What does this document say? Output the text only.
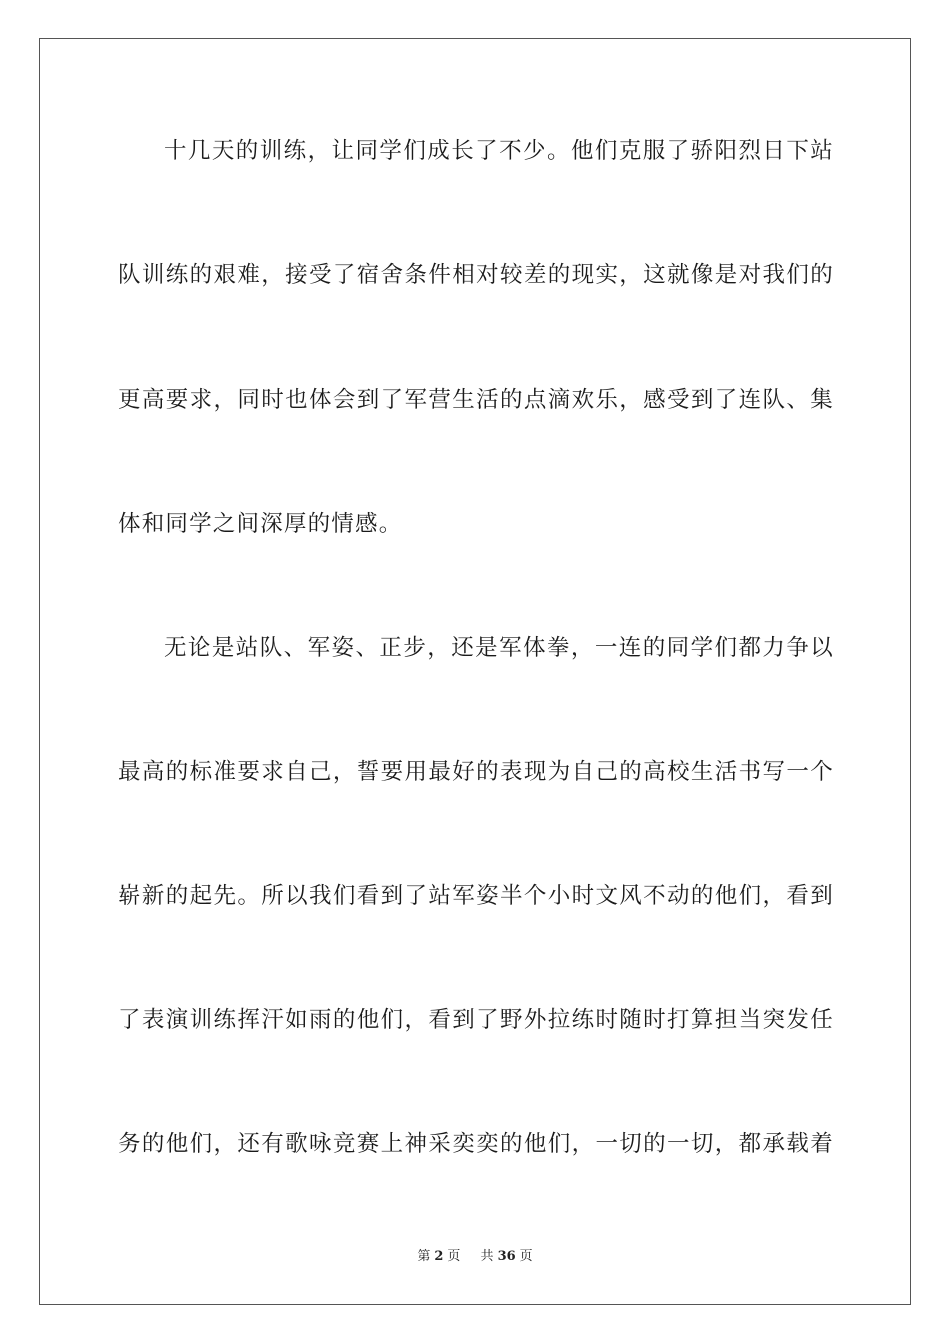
十几天的训练，让同学们成长了不少。他们克服了骄阳烈日下站
队训练的艰难，接受了宿舍条件相对较差的现实，这就像是对我们的
更高要求，同时也体会到了军营生活的点滴欢乐，感受到了连队、集
体和同学之间深厚的情感。
无论是站队、军姿、正步，还是军体拳，一连的同学们都力争以
最高的标准要求自己，誓要用最好的表现为自己的高校生活书写一个
崭新的起先。所以我们看到了站军姿半个小时文风不动的他们，看到
了表演训练挥汗如雨的他们，看到了野外拉练时随时打算担当突发任
务的他们，还有歌咏竞赛上神采奕奕的他们，一切的一切，都承载着
第 2 页 共 36 页
